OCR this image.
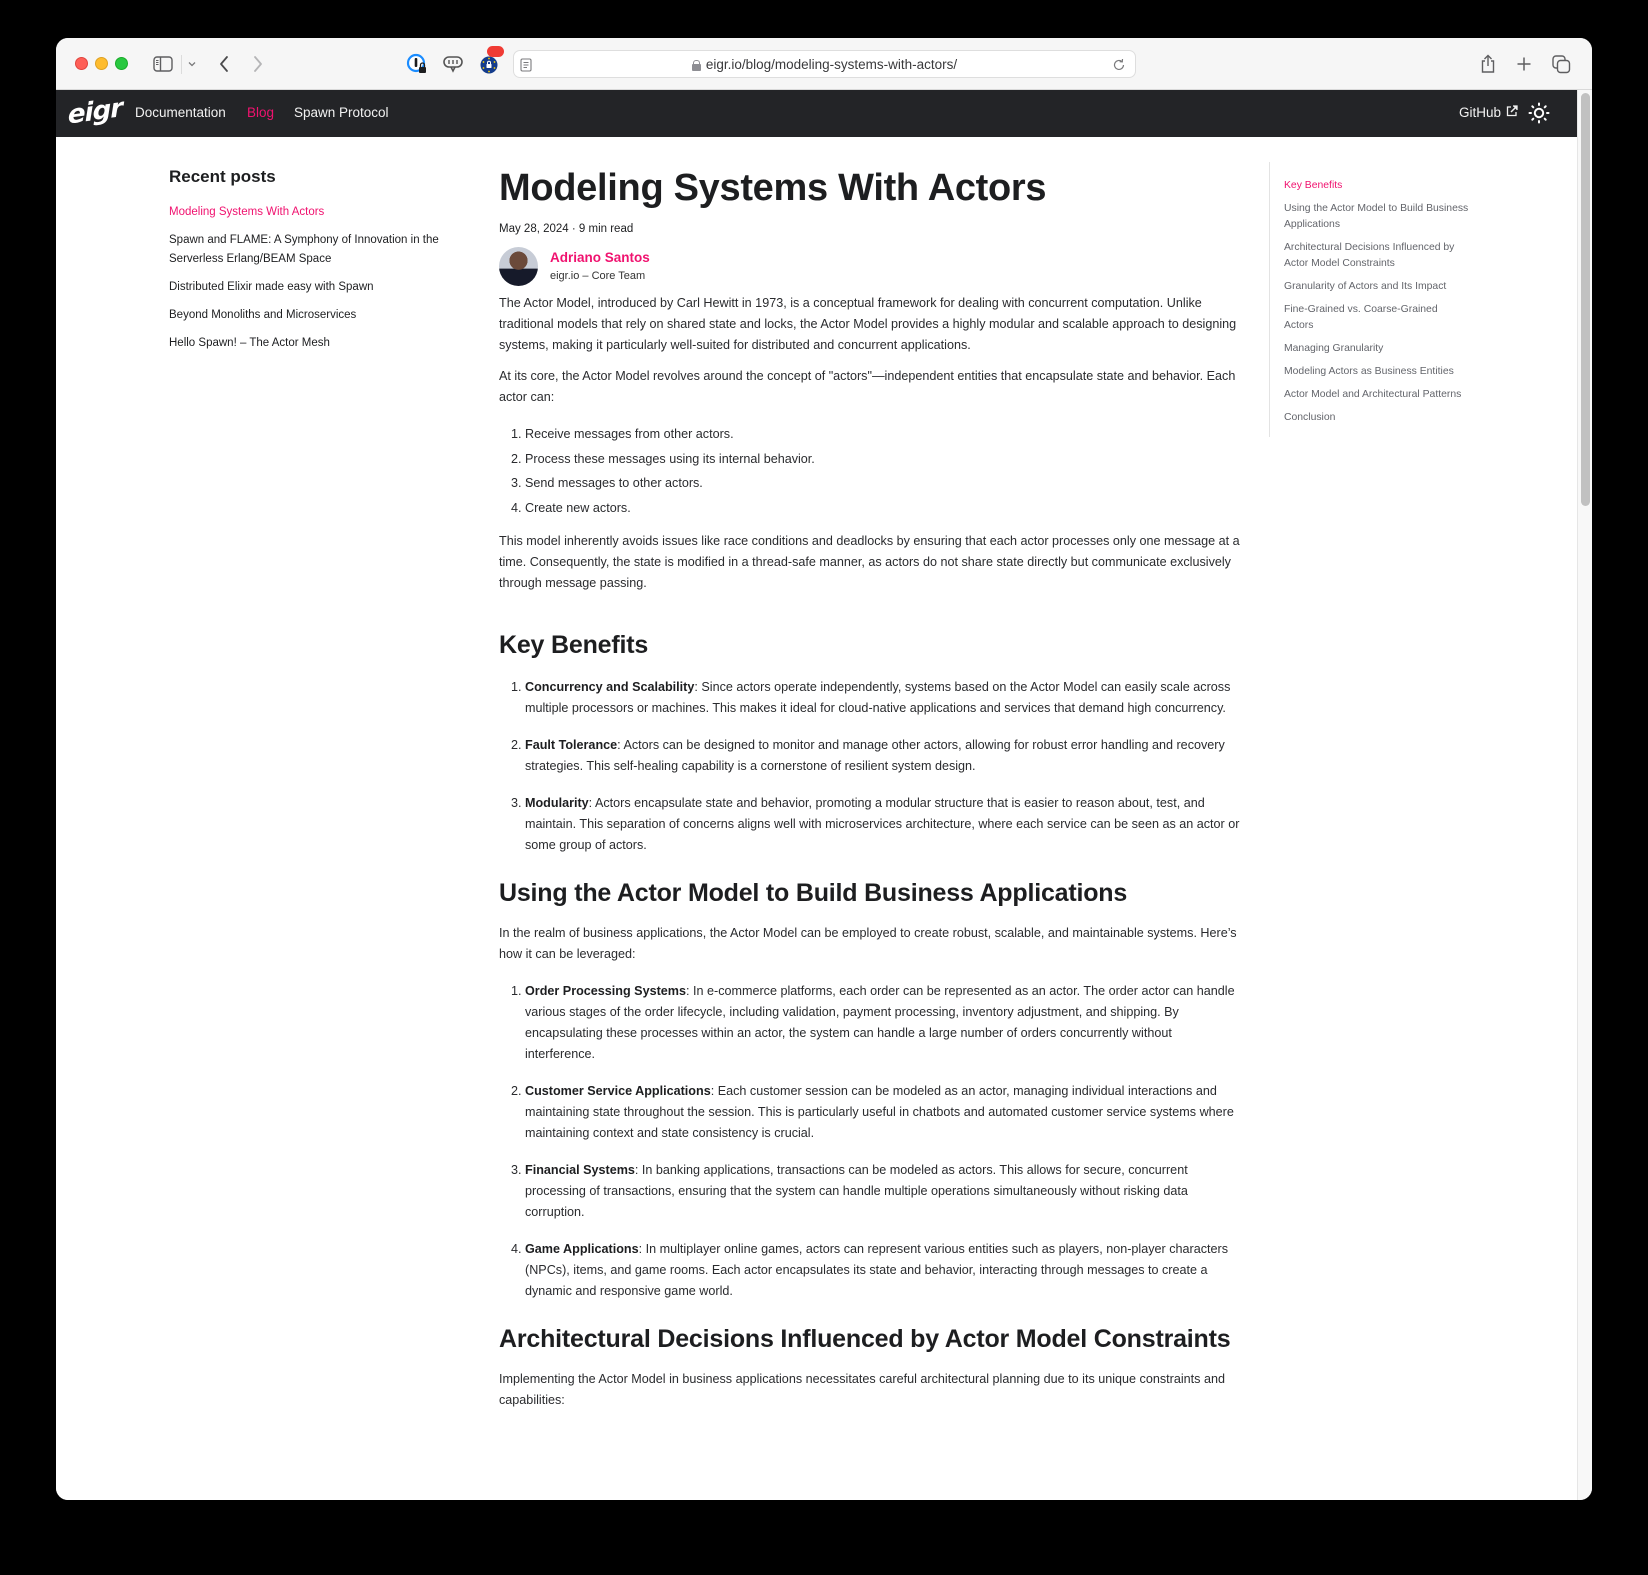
eigr.io/blog/modeling-systems-with-actors/
eigr Documentation Blog Spawn Protocol	GitHub
Recent posts
Modeling Systems With Actors
Spawn and FLAME: A Symphony of Innovation in the Serverless Erlang/BEAM Space
Distributed Elixir made easy with Spawn
Beyond Monoliths and Microservices
Hello Spawn! – The Actor Mesh
Modeling Systems With Actors
May 28, 2024 · 9 min read
Adriano Santos
eigr.io – Core Team

The Actor Model, introduced by Carl Hewitt in 1973, is a conceptual framework for dealing with concurrent computation. Unlike traditional models that rely on shared state and locks, the Actor Model provides a highly modular and scalable approach to designing systems, making it particularly well-suited for distributed and concurrent applications.

At its core, the Actor Model revolves around the concept of "actors"—independent entities that encapsulate state and behavior. Each actor can:

1. Receive messages from other actors.
2. Process these messages using its internal behavior.
3. Send messages to other actors.
4. Create new actors.

This model inherently avoids issues like race conditions and deadlocks by ensuring that each actor processes only one message at a time. Consequently, the state is modified in a thread-safe manner, as actors do not share state directly but communicate exclusively through message passing.

Key Benefits
1. Concurrency and Scalability: Since actors operate independently, systems based on the Actor Model can easily scale across multiple processors or machines. This makes it ideal for cloud-native applications and services that demand high concurrency.
2. Fault Tolerance: Actors can be designed to monitor and manage other actors, allowing for robust error handling and recovery strategies. This self-healing capability is a cornerstone of resilient system design.
3. Modularity: Actors encapsulate state and behavior, promoting a modular structure that is easier to reason about, test, and maintain. This separation of concerns aligns well with microservices architecture, where each service can be seen as an actor or some group of actors.
Using the Actor Model to Build Business Applications

In the realm of business applications, the Actor Model can be employed to create robust, scalable, and maintainable systems. Here’s how it can be leveraged:

1. Order Processing Systems: In e-commerce platforms, each order can be represented as an actor. The order actor can handle various stages of the order lifecycle, including validation, payment processing, inventory adjustment, and shipping. By encapsulating these processes within an actor, the system can handle a large number of orders concurrently without interference.
2. Customer Service Applications: Each customer session can be modeled as an actor, managing individual interactions and maintaining state throughout the session. This is particularly useful in chatbots and automated customer service systems where maintaining context and state consistency is crucial.
3. Financial Systems: In banking applications, transactions can be modeled as actors. This allows for secure, concurrent processing of transactions, ensuring that the system can handle multiple operations simultaneously without risking data corruption.
4. Game Applications: In multiplayer online games, actors can represent various entities such as players, non-player characters (NPCs), items, and game rooms. Each actor encapsulates its state and behavior, interacting through messages to create a dynamic and responsive game world.
Architectural Decisions Influenced by Actor Model Constraints

Implementing the Actor Model in business applications necessitates careful architectural planning due to its unique constraints and capabilities:

Key Benefits
Using the Actor Model to Build Business Applications
Architectural Decisions Influenced by Actor Model Constraints
Granularity of Actors and Its Impact
Fine-Grained vs. Coarse-Grained Actors
Managing Granularity
Modeling Actors as Business Entities
Actor Model and Architectural Patterns
Conclusion
